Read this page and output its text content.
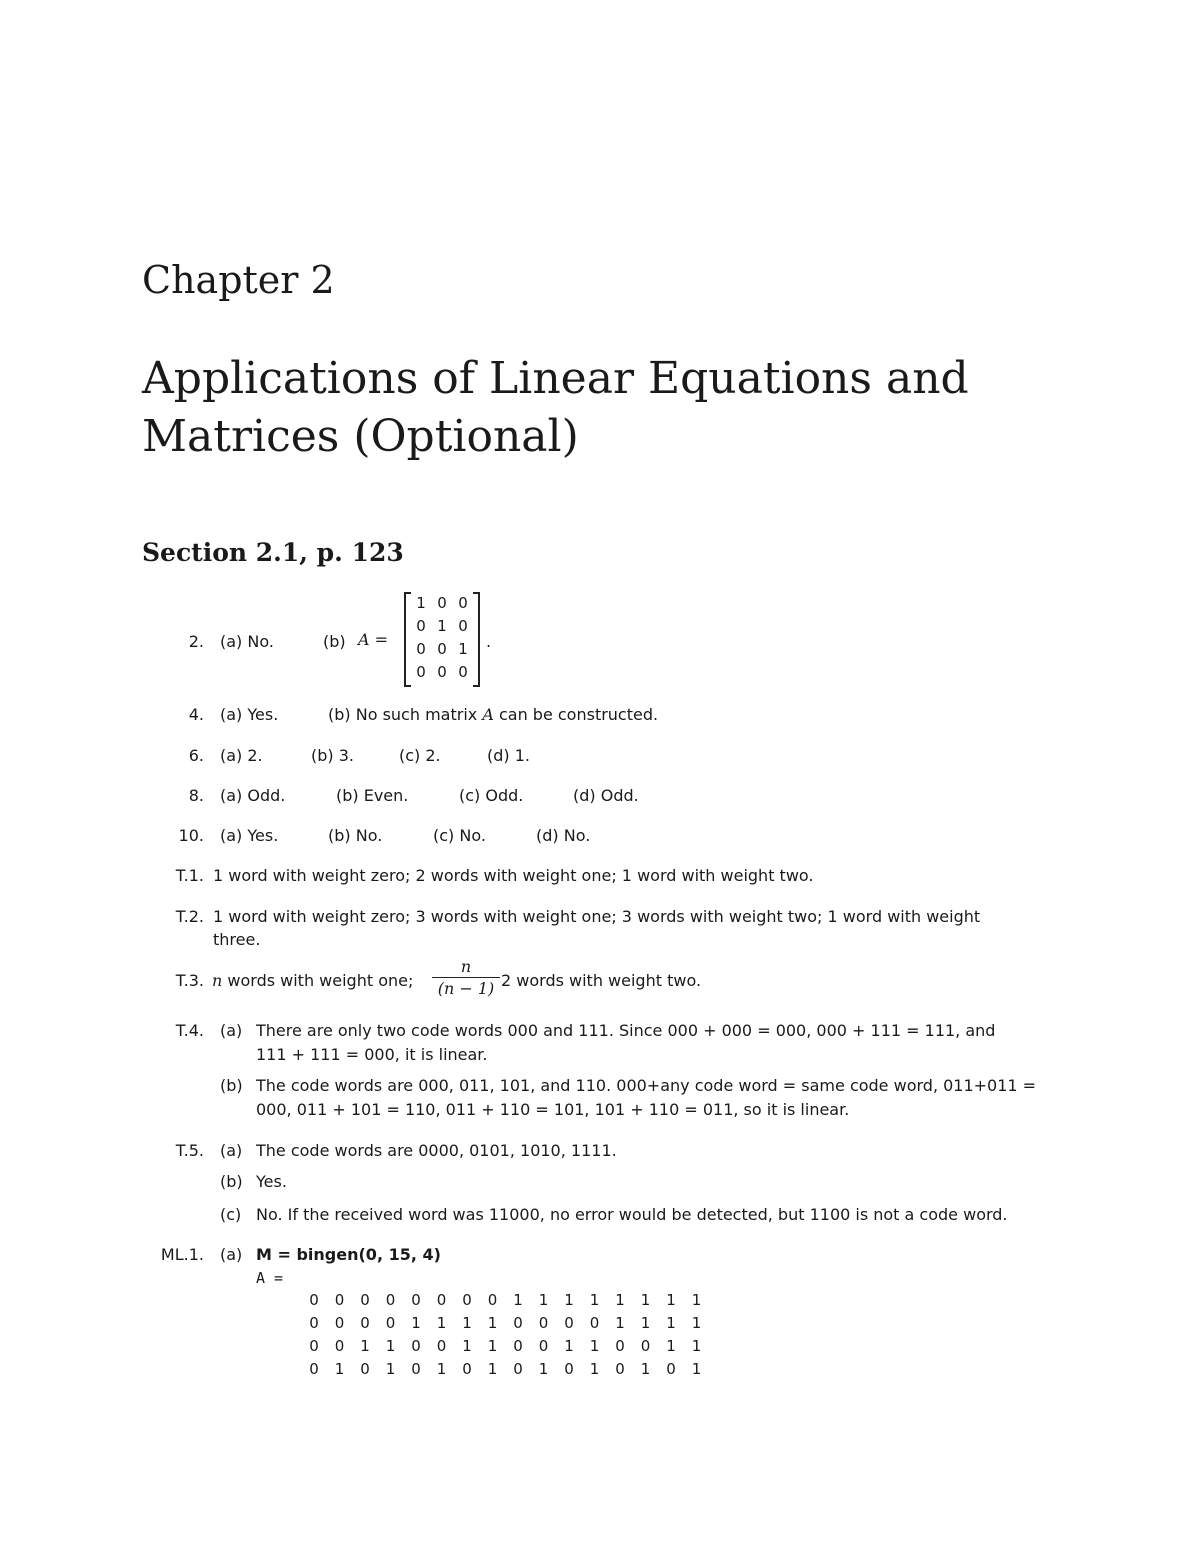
Chapter 2
Applications of Linear Equations and
Matrices (Optional)
Section 2.1, p. 123
2. (a) No.	(b) A =
1 0 0
0 1 0
0 0 1
0 0 0
.
4. (a) Yes.	(b) No such matrix A can be constructed.
6. (a) 2.	(b) 3.	(c) 2.	(d) 1.
8. (a) Odd.	(b) Even.	(c) Odd.	(d) Odd.
10. (a) Yes.	(b) No.	(c) No.	(d) No.
T.1. 1 word with weight zero; 2 words with weight one; 1 word with weight two.
T.2. 1 word with weight zero; 3 words with weight one; 3 words with weight two; 1 word with weight
three.
T.3. n words with weight one; $\frac{n}{(n - 1)} 2$ words with weight two.
T.4. (a) There are only two code words 000 and 111. Since 000 + 000 = 000, 000 + 111 = 111, and
111 + 111 = 000, it is linear.
(b) The code words are 000, 011, 101, and 110. 000+any code word = same code word, 011+011 =
000, 011 + 101 = 110, 011 + 110 = 101, 101 + 110 = 011, so it is linear.
T.5. (a) The code words are 0000, 0101, 1010, 1111.
(b) Yes.
(c) No. If the received word was 11000, no error would be detected, but 1100 is not a code word.
ML.1. (a) M = bingen(0, 15, 4)
A =
0 0 0 0 0 0 0 0 1 1 1 1 1 1 1 1
0 0 0 0 1 1 1 1 0 0 0 0 1 1 1 1
0 0 1 1 0 0 1 1 0 0 1 1 0 0 1 1
0 1 0 1 0 1 0 1 0 1 0 1 0 1 0 1
